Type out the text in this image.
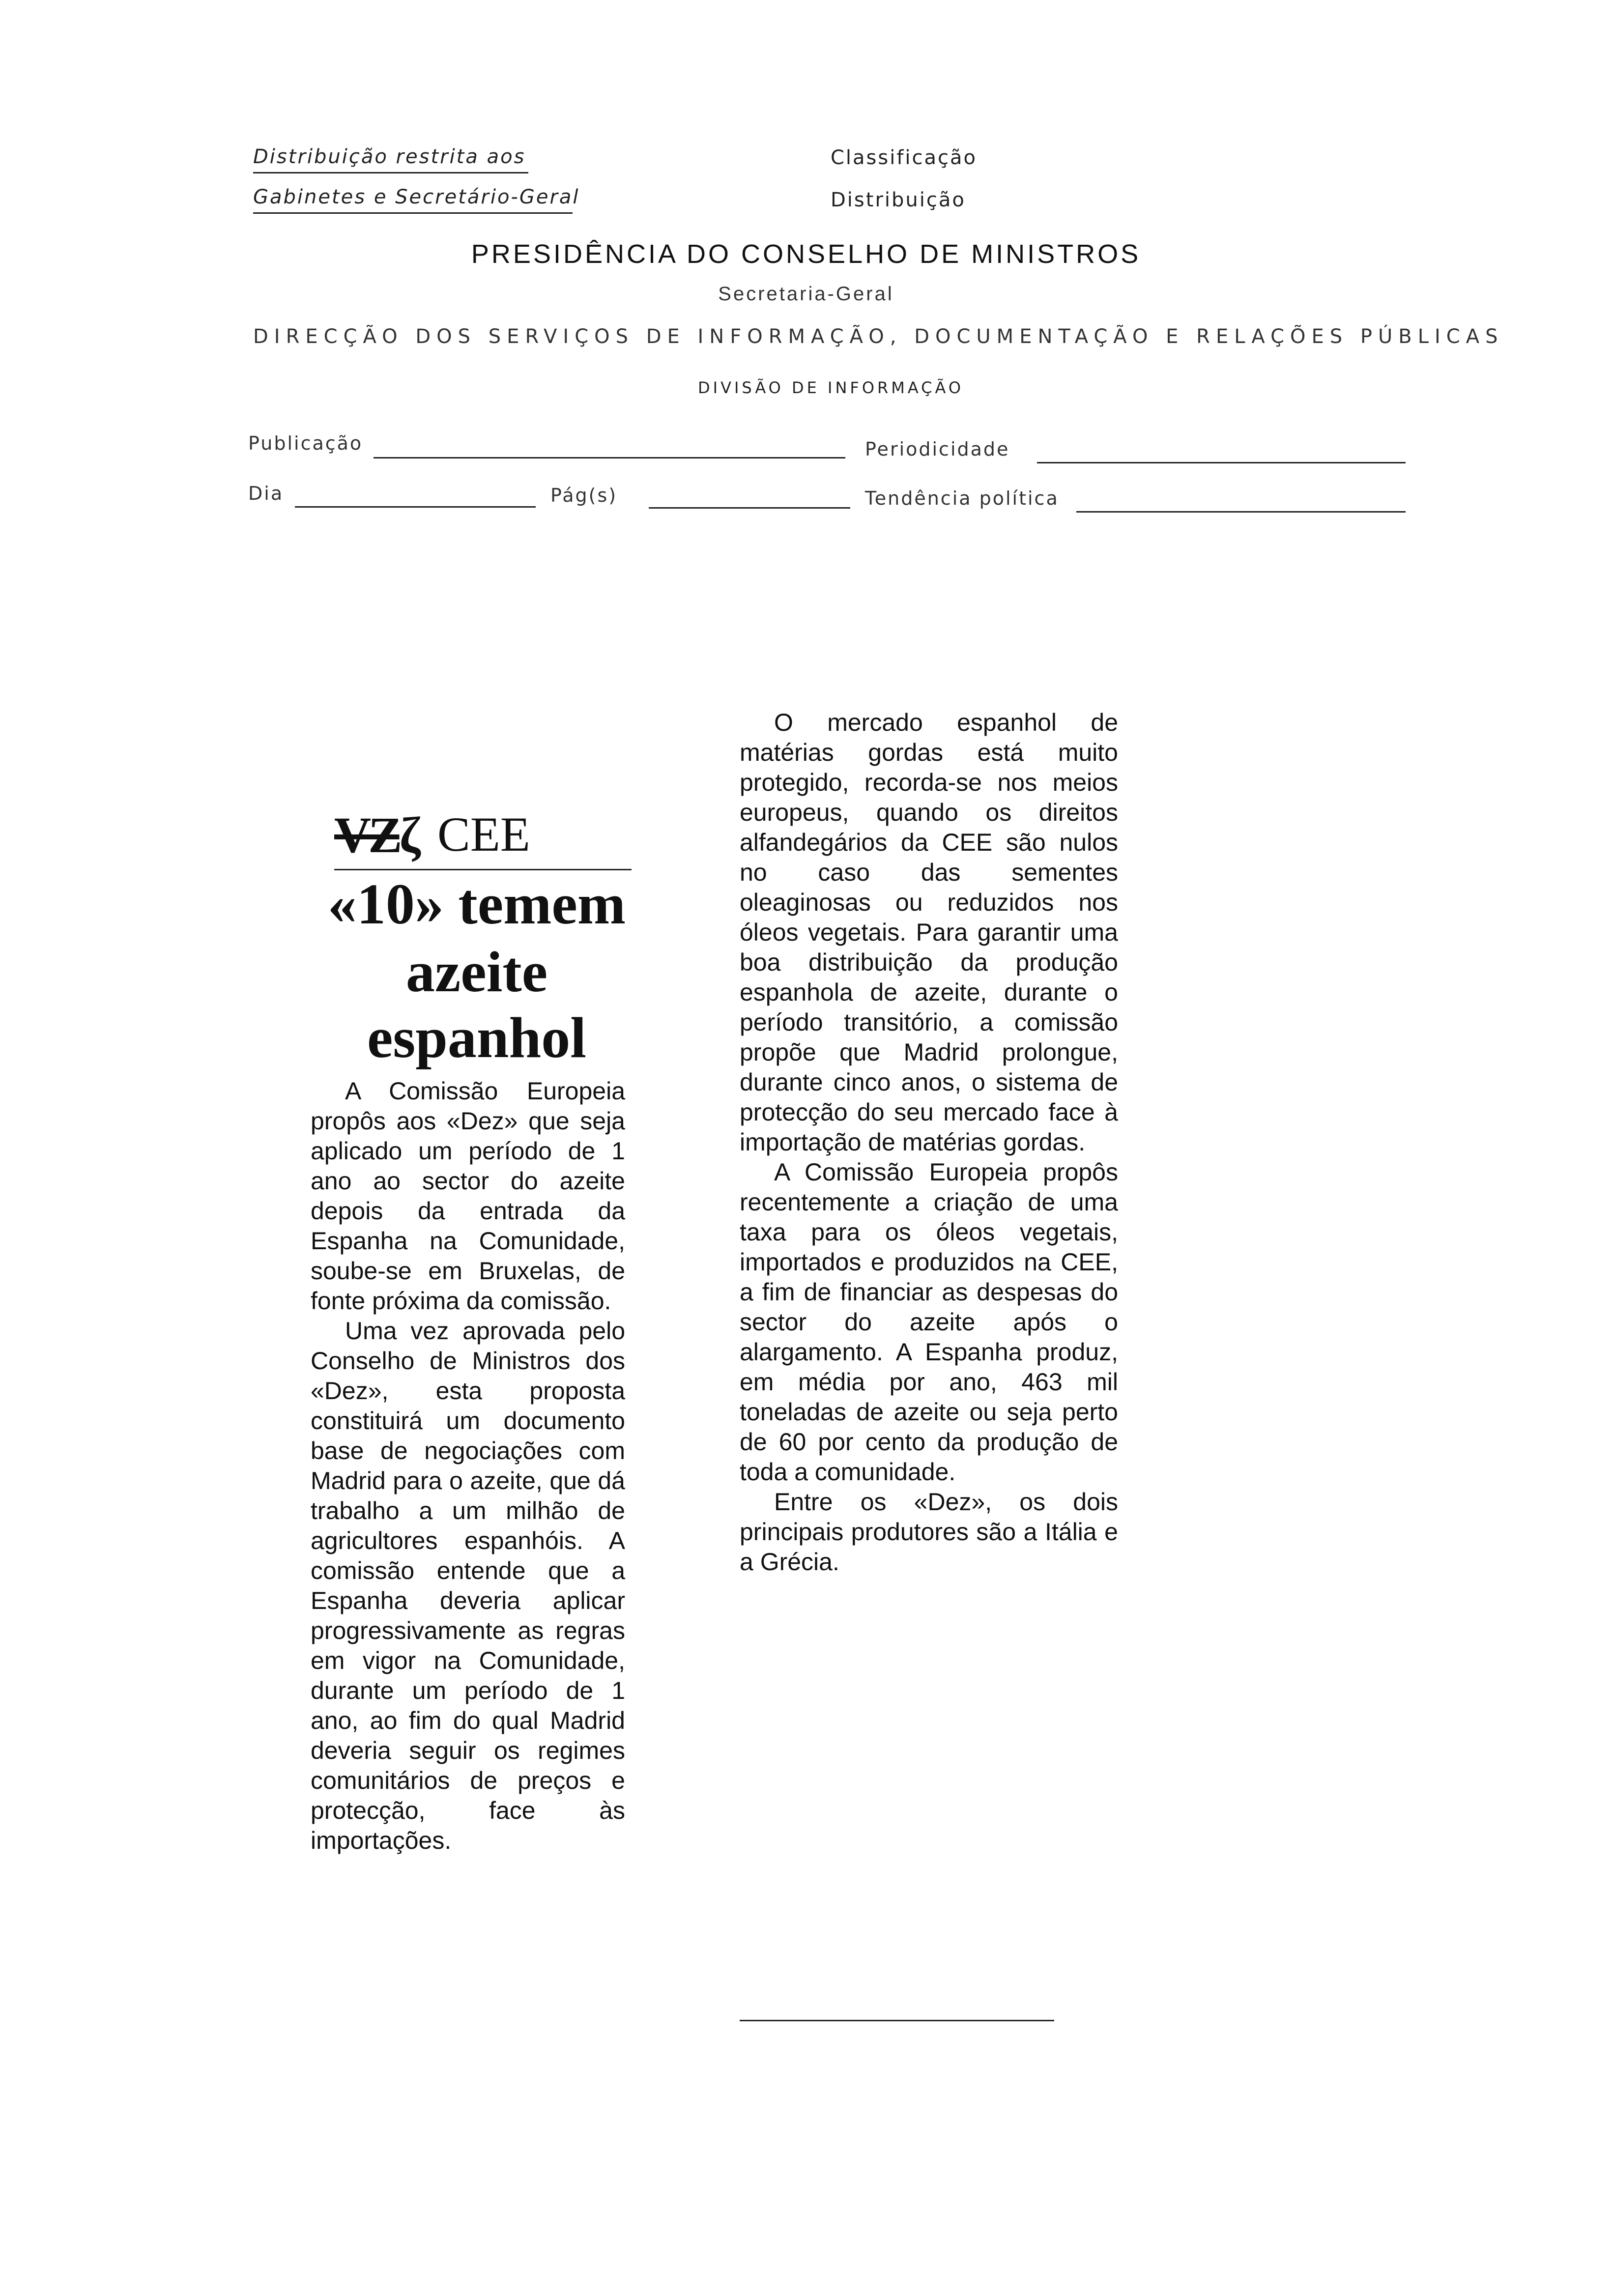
Distribuição restrita aos
Gabinetes e Secretário-Geral
Classificação
Distribuição
PRESIDÊNCIA DO CONSELHO DE MINISTROS
Secretaria-Geral
DIRECÇÃO DOS SERVIÇOS DE INFORMAÇÃO, DOCUMENTAÇÃO E RELAÇÕES PÚBLICAS
DIVISÃO DE INFORMAÇÃO
Publicação	Periodicidade
Dia	Pág(s)	Tendência política
VZζ CEE
«10» temem
azeite
espanhol

A Comissão Europeia propôs aos «Dez» que seja aplicado um período de 1 ano ao sector do azeite depois da entrada da Espanha na Comunidade, soube-se em Bruxelas, de fonte próxima da comissão.

Uma vez aprovada pelo Conselho de Ministros dos «Dez», esta proposta constituirá um documento base de negociações com Madrid para o azeite, que dá trabalho a um milhão de agricultores espanhóis. A comissão entende que a Espanha deveria aplicar progressivamente as regras em vigor na Comunidade, durante um período de 1 ano, ao fim do qual Madrid deveria seguir os regimes comunitários de preços e protecção, face às importações.

O mercado espanhol de matérias gordas está muito protegido, recorda-se nos meios europeus, quando os direitos alfandegários da CEE são nulos no caso das sementes oleaginosas ou reduzidos nos óleos vegetais. Para garantir uma boa distribuição da produção espanhola de azeite, durante o período transitório, a comissão propõe que Madrid prolongue, durante cinco anos, o sistema de protecção do seu mercado face à importação de matérias gordas.

A Comissão Europeia propôs recentemente a criação de uma taxa para os óleos vegetais, importados e produzidos na CEE, a fim de financiar as despesas do sector do azeite após o alargamento. A Espanha produz, em média por ano, 463 mil toneladas de azeite ou seja perto de 60 por cento da produção de toda a comunidade.

Entre os «Dez», os dois principais produtores são a Itália e a Grécia.
